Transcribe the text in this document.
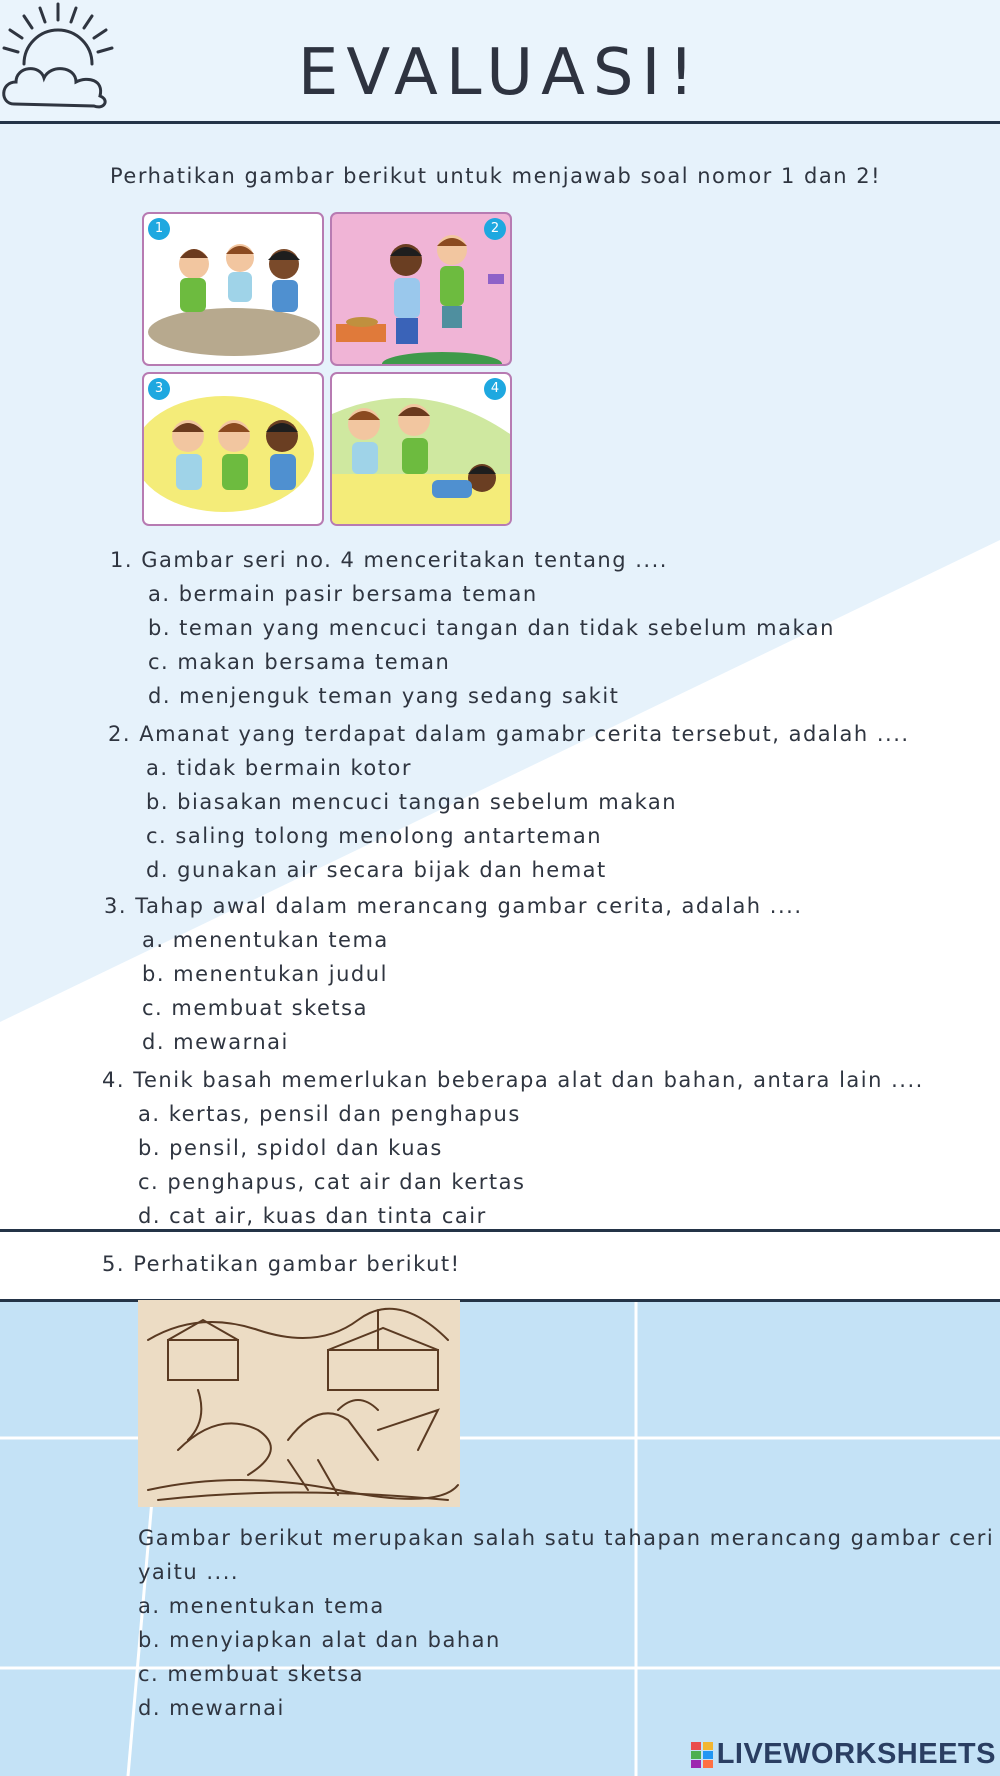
EVALUASI!
Perhatikan gambar berikut untuk menjawab soal nomor 1 dan 2!
1	2
3	4
1. Gambar seri no. 4 menceritakan tentang ....
a. bermain pasir bersama teman
b. teman yang mencuci tangan dan tidak sebelum makan
c. makan bersama teman
d. menjenguk teman yang sedang sakit
2. Amanat yang terdapat dalam gamabr cerita tersebut, adalah ....
a. tidak bermain kotor
b. biasakan mencuci tangan sebelum makan
c. saling tolong menolong antarteman
d. gunakan air secara bijak dan hemat
3. Tahap awal dalam merancang gambar cerita, adalah ....
a. menentukan tema
b. menentukan judul
c. membuat sketsa
d. mewarnai
4. Tenik basah memerlukan beberapa alat dan bahan, antara lain ....
a. kertas, pensil dan penghapus
b. pensil, spidol dan kuas
c. penghapus, cat air dan kertas
d. cat air, kuas dan tinta cair
5. Perhatikan gambar berikut!
Gambar berikut merupakan salah satu tahapan merancang gambar ceri
yaitu ....
a. menentukan tema
b. menyiapkan alat dan bahan
c. membuat sketsa
d. mewarnai
LIVEWORKSHEETS
